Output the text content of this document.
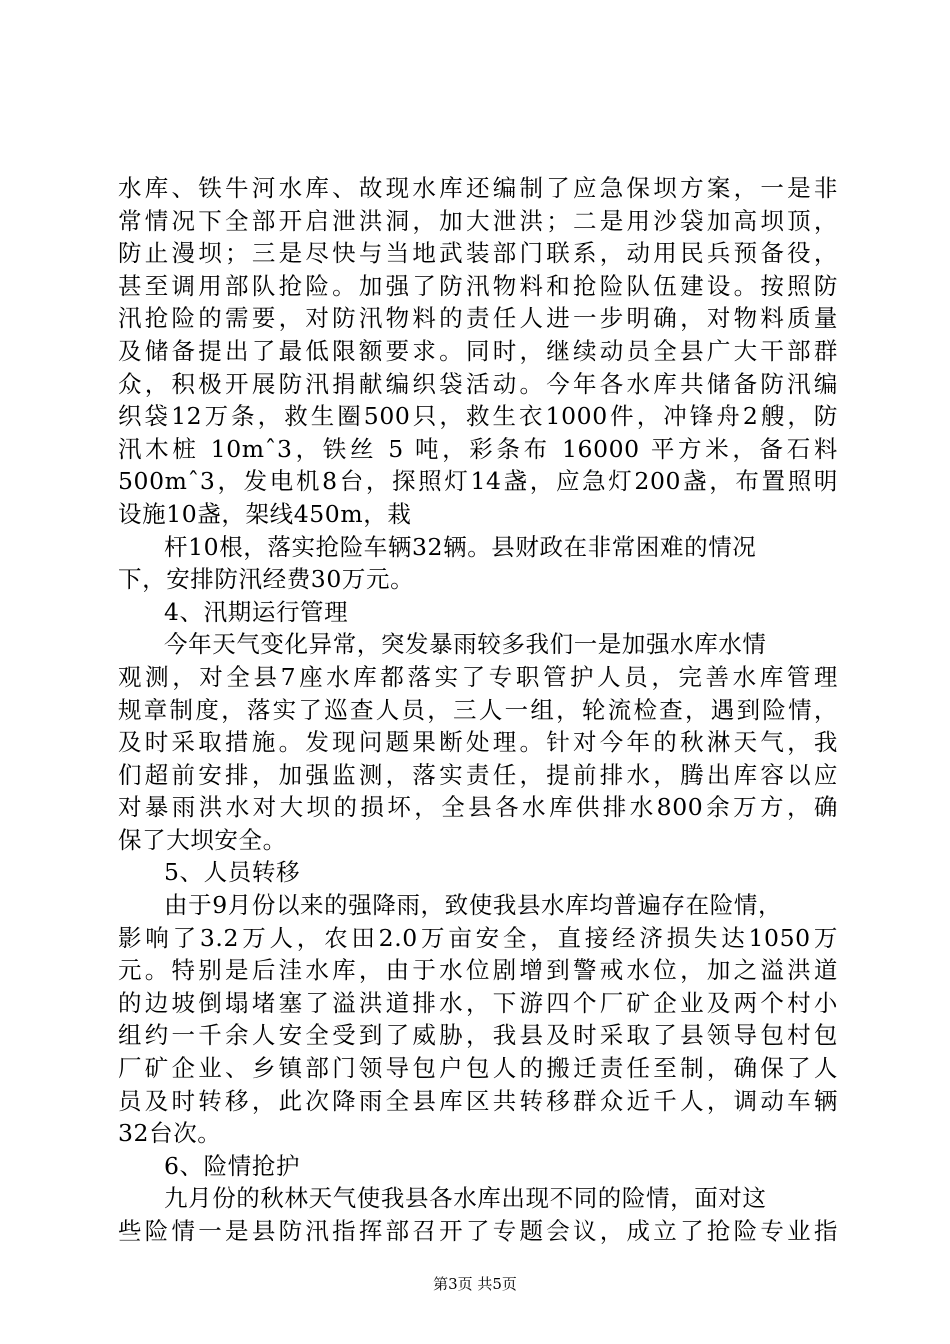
水库、铁牛河水库、故现水库还编制了应急保坝方案，一是非
常情况下全部开启泄洪洞，加大泄洪；二是用沙袋加高坝顶，
防止漫坝；三是尽快与当地武装部门联系，动用民兵预备役，
甚至调用部队抢险。加强了防汛物料和抢险队伍建设。按照防
汛抢险的需要，对防汛物料的责任人进一步明确，对物料质量
及储备提出了最低限额要求。同时，继续动员全县广大干部群
众，积极开展防汛捐献编织袋活动。今年各水库共储备防汛编
织袋12万条，救生圈500只，救生衣1000件，冲锋舟2艘，防
汛木桩 10mˆ3，铁丝 5 吨，彩条布 16000 平方米，备石料
500mˆ3，发电机8台，探照灯14盏，应急灯200盏，布置照明
设施10盏，架线450m，栽
杆10根，落实抢险车辆32辆。县财政在非常困难的情况
下，安排防汛经费30万元。
4、汛期运行管理
今年天气变化异常，突发暴雨较多我们一是加强水库水情
观测，对全县7座水库都落实了专职管护人员，完善水库管理
规章制度，落实了巡查人员，三人一组，轮流检查，遇到险情，
及时采取措施。发现问题果断处理。针对今年的秋淋天气，我
们超前安排，加强监测，落实责任，提前排水，腾出库容以应
对暴雨洪水对大坝的损坏，全县各水库供排水800余万方，确
保了大坝安全。
5、人员转移
由于9月份以来的强降雨，致使我县水库均普遍存在险情，
影响了3.2万人，农田2.0万亩安全，直接经济损失达1050万
元。特别是后洼水库，由于水位剧增到警戒水位，加之溢洪道
的边坡倒塌堵塞了溢洪道排水，下游四个厂矿企业及两个村小
组约一千余人安全受到了威胁，我县及时采取了县领导包村包
厂矿企业、乡镇部门领导包户包人的搬迁责任至制，确保了人
员及时转移，此次降雨全县库区共转移群众近千人，调动车辆
32台次。
6、险情抢护
九月份的秋林天气使我县各水库出现不同的险情，面对这
些险情一是县防汛指挥部召开了专题会议，成立了抢险专业指
第3页 共5页
